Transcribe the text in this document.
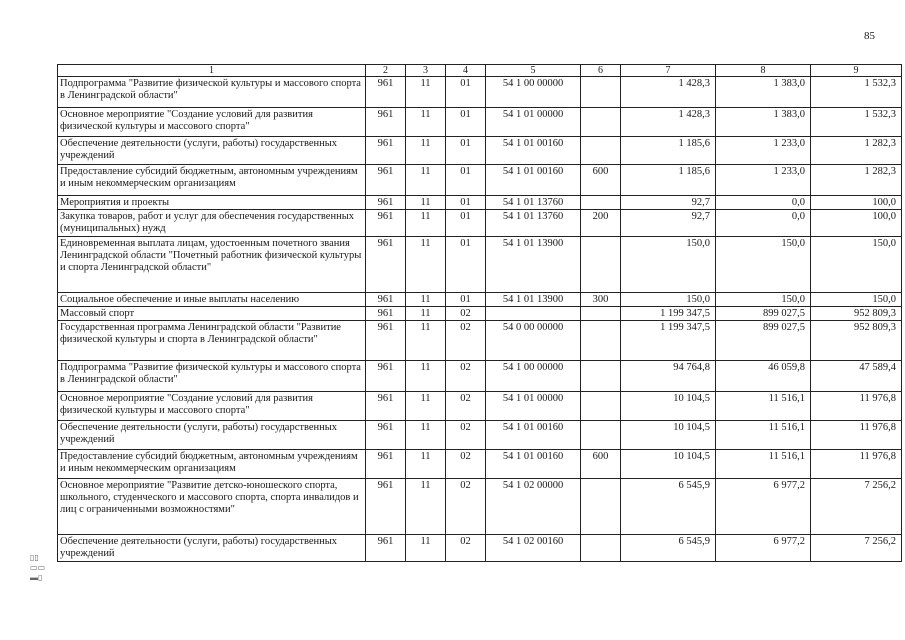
85
1	2	3	4	5	6	7	8	9
Подпрограмма "Развитие физической культуры и массового спорта в Ленинградской области"	961	11	01	54 1 00 00000		1 428,3	1 383,0	1 532,3
Основное мероприятие "Создание условий для развития физической культуры и массового спорта"	961	11	01	54 1 01 00000		1 428,3	1 383,0	1 532,3
Обеспечение деятельности (услуги, работы) государственных учреждений	961	11	01	54 1 01 00160		1 185,6	1 233,0	1 282,3
Предоставление субсидий бюджетным, автономным учреждениям и иным некоммерческим организациям	961	11	01	54 1 01 00160	600	1 185,6	1 233,0	1 282,3
Мероприятия и проекты	961	11	01	54 1 01 13760		92,7	0,0	100,0
Закупка товаров, работ и услуг для обеспечения государственных (муниципальных) нужд	961	11	01	54 1 01 13760	200	92,7	0,0	100,0
Единовременная выплата лицам, удостоенным почетного звания Ленинградской области "Почетный работник физической культуры и спорта Ленинградской области"	961	11	01	54 1 01 13900		150,0	150,0	150,0
Социальное обеспечение и иные выплаты населению	961	11	01	54 1 01 13900	300	150,0	150,0	150,0
Массовый спорт	961	11	02			1 199 347,5	899 027,5	952 809,3
Государственная программа Ленинградской области "Развитие физической культуры и спорта в Ленинградской области"	961	11	02	54 0 00 00000		1 199 347,5	899 027,5	952 809,3
Подпрограмма "Развитие физической культуры и массового спорта в Ленинградской области"	961	11	02	54 1 00 00000		94 764,8	46 059,8	47 589,4
Основное мероприятие "Создание условий для развития физической культуры и массового спорта"	961	11	02	54 1 01 00000		10 104,5	11 516,1	11 976,8
Обеспечение деятельности (услуги, работы) государственных учреждений	961	11	02	54 1 01 00160		10 104,5	11 516,1	11 976,8
Предоставление субсидий бюджетным, автономным учреждениям и иным некоммерческим организациям	961	11	02	54 1 01 00160	600	10 104,5	11 516,1	11 976,8
Основное мероприятие "Развитие детско-юношеского спорта, школьного, студенческого и массового спорта, спорта инвалидов и лиц с ограниченными возможностями"	961	11	02	54 1 02 00000		6 545,9	6 977,2	7 256,2
Обеспечение деятельности (услуги, работы) государственных учреждений	961	11	02	54 1 02 00160		6 545,9	6 977,2	7 256,2
▯▯
▭▭
▬▯
